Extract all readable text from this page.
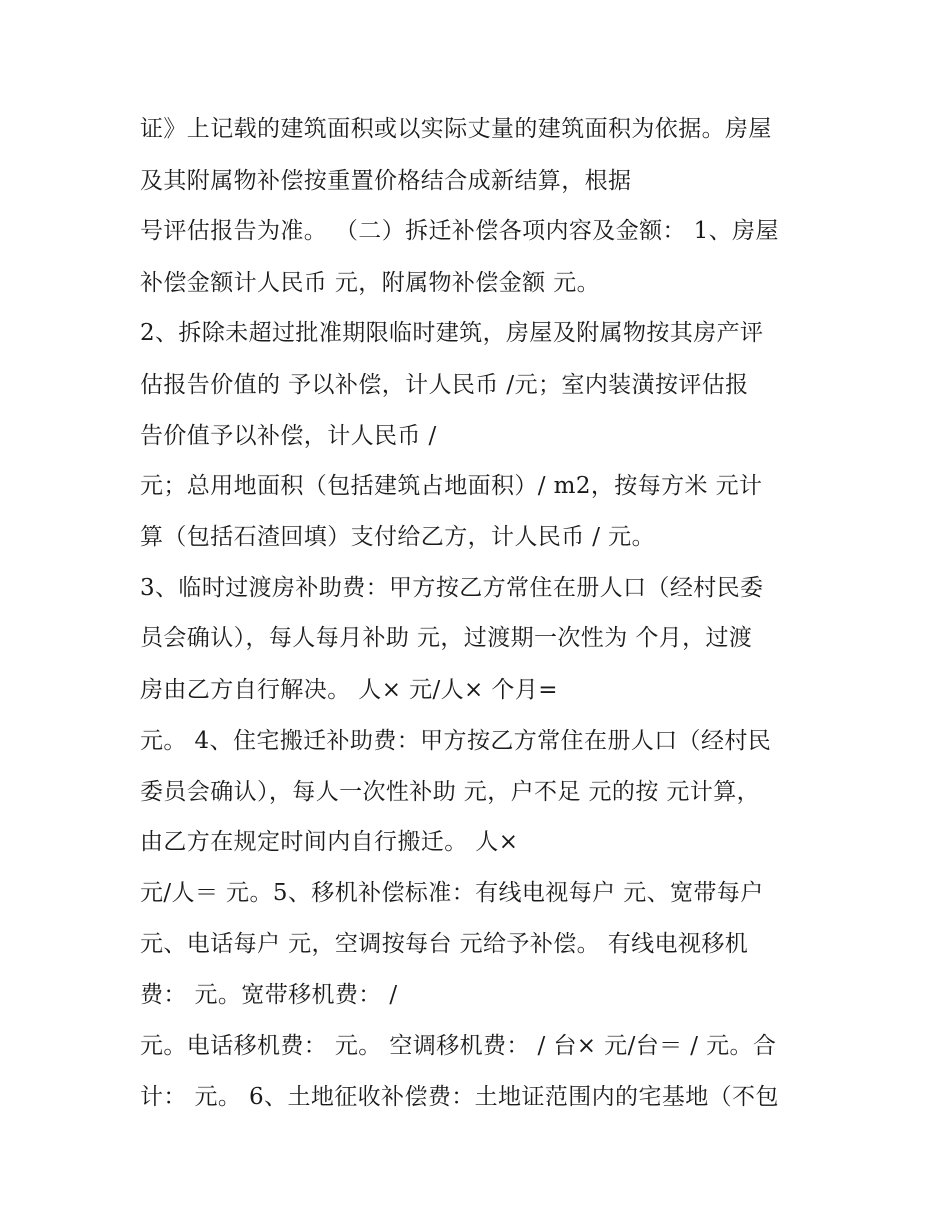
证》上记载的建筑面积或以实际丈量的建筑面积为依据。房屋
及其附属物补偿按重置价格结合成新结算，根据
号评估报告为准。 （二）拆迁补偿各项内容及金额： 1、房屋
补偿金额计人民币 元，附属物补偿金额 元。
2、拆除未超过批准期限临时建筑，房屋及附属物按其房产评
估报告价值的 予以补偿，计人民币 /元；室内装潢按评估报
告价值予以补偿，计人民币 /
元；总用地面积（包括建筑占地面积）/ m2，按每方米 元计
算（包括石渣回填）支付给乙方，计人民币 / 元。
3、临时过渡房补助费：甲方按乙方常住在册人口（经村民委
员会确认），每人每月补助 元，过渡期一次性为 个月，过渡
房由乙方自行解决。 人× 元/人× 个月=
元。 4、住宅搬迁补助费：甲方按乙方常住在册人口（经村民
委员会确认），每人一次性补助 元，户不足 元的按 元计算，
由乙方在规定时间内自行搬迁。 人×
元/人＝ 元。5、移机补偿标准：有线电视每户 元、宽带每户
元、电话每户 元，空调按每台 元给予补偿。 有线电视移机
费： 元。宽带移机费： /
元。电话移机费： 元。 空调移机费： / 台× 元/台＝ / 元。合
计： 元。 6、土地征收补偿费：土地证范围内的宅基地（不包
